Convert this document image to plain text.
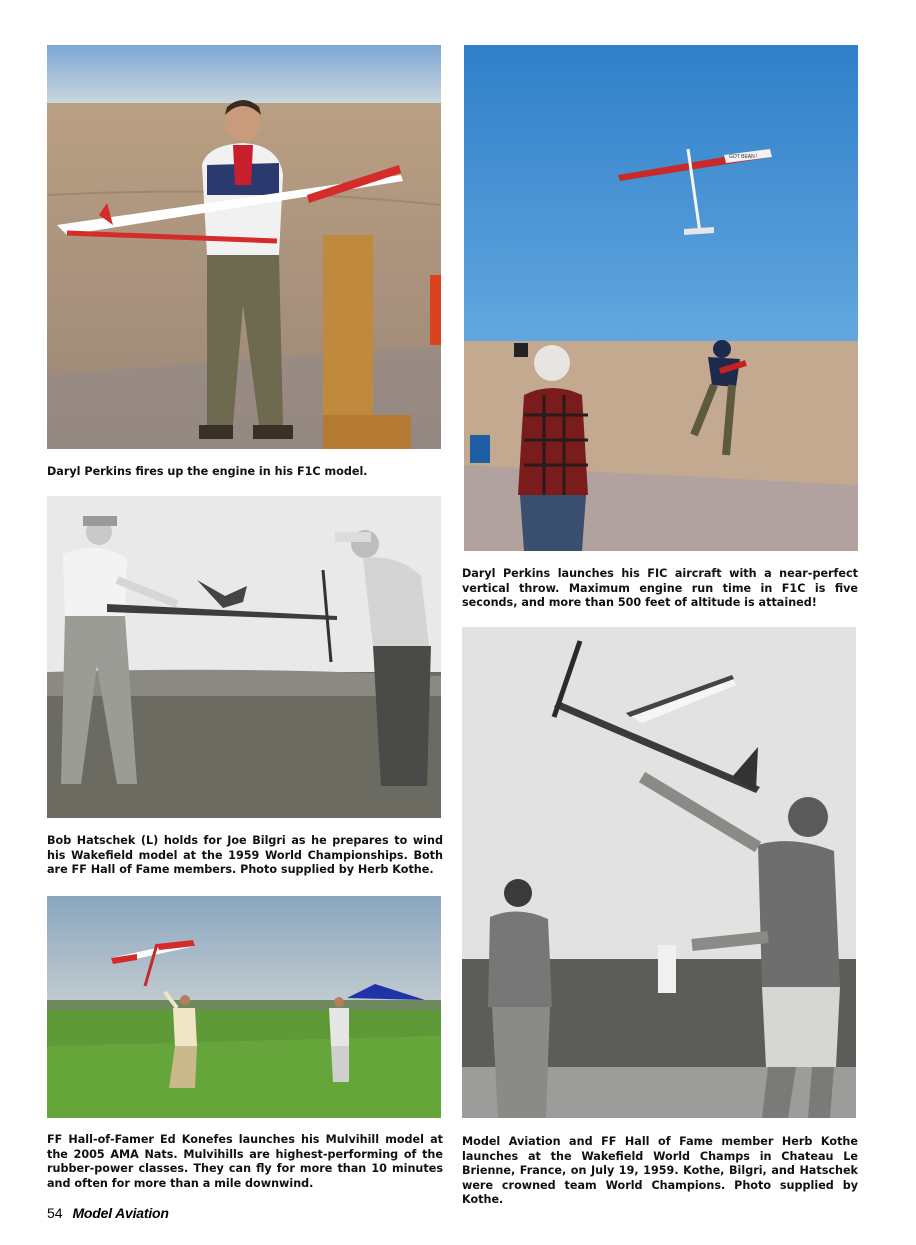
GOT BEAN !

Daryl Perkins fires up the engine in his F1C model.

Daryl Perkins launches his FIC aircraft with a near-perfect vertical throw. Maximum engine run time in F1C is five seconds, and more than 500 feet of altitude is attained!

Bob Hatschek (L) holds for Joe Bilgri as he prepares to wind his Wakefield model at the 1959 World Championships. Both are FF Hall of Fame members. Photo supplied by Herb Kothe.

FF Hall-of-Famer Ed Konefes launches his Mulvihill model at the 2005 AMA Nats. Mulvihills are highest-performing of the rubber-power classes. They can fly for more than 10 minutes and often for more than a mile downwind.

Model Aviation and FF Hall of Fame member Herb Kothe launches at the Wakefield World Champs in Chateau Le Brienne, France, on July 19, 1959. Kothe, Bilgri, and Hatschek were crowned team World Champions. Photo supplied by Kothe.

54 Model Aviation
